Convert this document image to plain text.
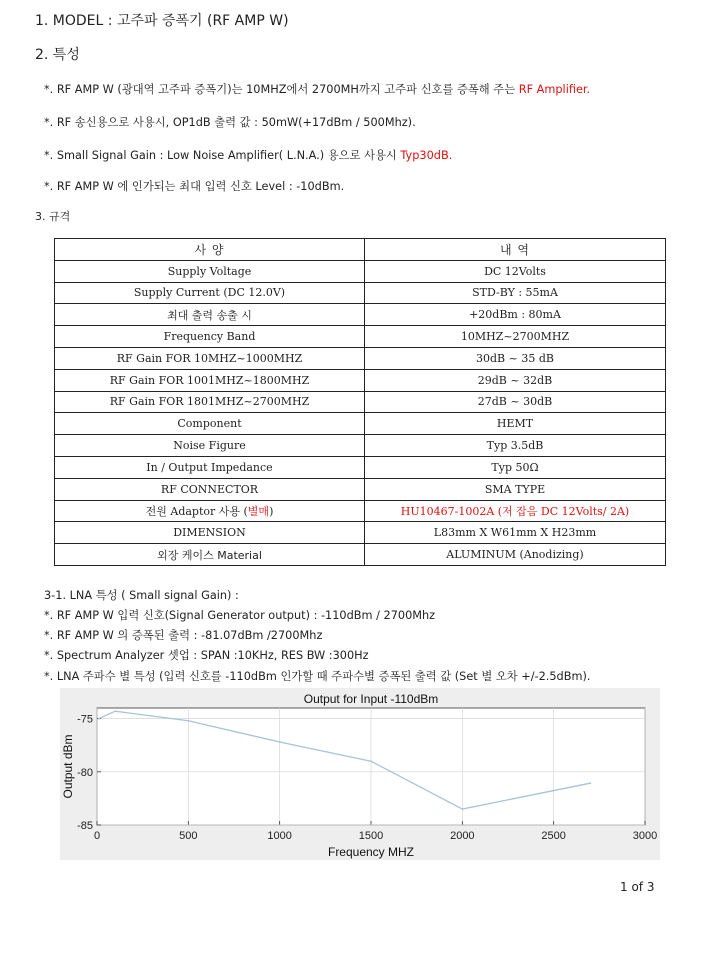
1. MODEL : 고주파 증폭기 (RF AMP W)
2. 특성
*. RF AMP W (광대역 고주파 증폭기)는 10MHZ에서 2700MH까지 고주파 신호를 증폭해 주는 RF Amplifier.
*. RF 송신용으로 사용시, OP1dB 출력 값 : 50mW(+17dBm / 500Mhz).
*. Small Signal Gain : Low Noise Amplifier( L.N.A.) 용으로 사용시 Typ30dB.
*. RF AMP W 에 인가되는 최대 입력 신호 Level : -10dBm.
3. 규격
사 양	내 역
Supply Voltage	DC 12Volts
Supply Current (DC 12.0V)	STD-BY : 55mA
최대 출력 송출 시	+20dBm : 80mA
Frequency Band	10MHZ~2700MHZ
RF Gain FOR 10MHZ~1000MHZ	30dB ~ 35 dB
RF Gain FOR 1001MHZ~1800MHZ	29dB ~ 32dB
RF Gain FOR 1801MHZ~2700MHZ	27dB ~ 30dB
Component	HEMT
Noise Figure	Typ 3.5dB
In / Output Impedance	Typ 50Ω
RF CONNECTOR	SMA TYPE
전원 Adaptor 사용 (별매)	HU10467-1002A (저 잡음 DC 12Volts/ 2A)
DIMENSION	L83mm X W61mm X H23mm
외장 케이스 Material	ALUMINUM (Anodizing)
3-1. LNA 특성 ( Small signal Gain) :
*. RF AMP W 입력 신호(Signal Generator output) : -110dBm / 2700Mhz
*. RF AMP W 의 증폭된 출력 : -81.07dBm /2700Mhz
*. Spectrum Analyzer 셋업 : SPAN :10KHz, RES BW :300Hz
*. LNA 주파수 별 특성 (입력 신호를 -110dBm 인가할 때 주파수별 증폭된 출력 값 (Set 별 오차 +/-2.5dBm).
0	500	1000	1500	2000	2500	3000
-75
-80
-85
Output for Input -110dBm
Frequency MHZ
Output dBm
1 of 3
